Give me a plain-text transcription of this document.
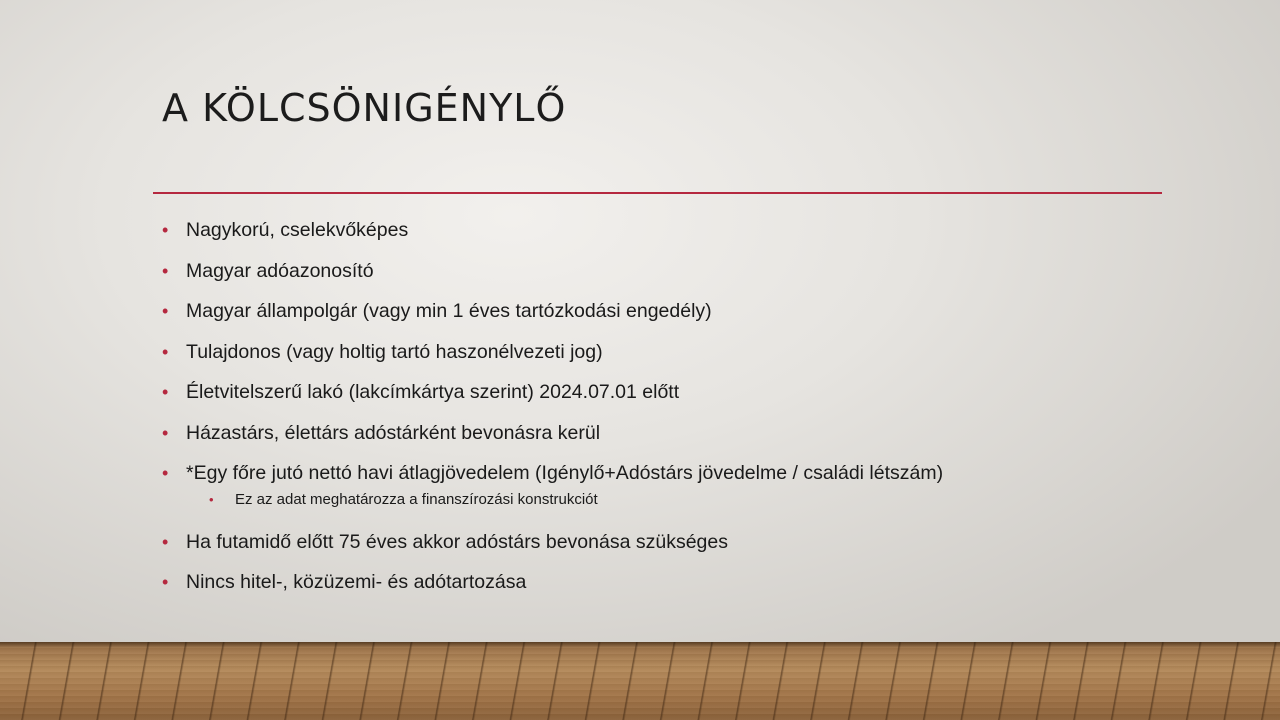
A KÖLCSÖNIGÉNYLŐ
• Nagykorú, cselekvőképes
• Magyar adóazonosító
• Magyar állampolgár (vagy min 1 éves tartózkodási engedély)
• Tulajdonos (vagy holtig tartó haszonélvezeti jog)
• Életvitelszerű lakó (lakcímkártya szerint) 2024.07.01 előtt
• Házastárs, élettárs adóstárként bevonásra kerül
• *Egy főre jutó nettó havi átlagjövedelem (Igénylő+Adóstárs jövedelme / családi létszám)
• Ez az adat meghatározza a finanszírozási konstrukciót
• Ha futamidő előtt 75 éves akkor adóstárs bevonása szükséges
• Nincs hitel-, közüzemi- és adótartozása
